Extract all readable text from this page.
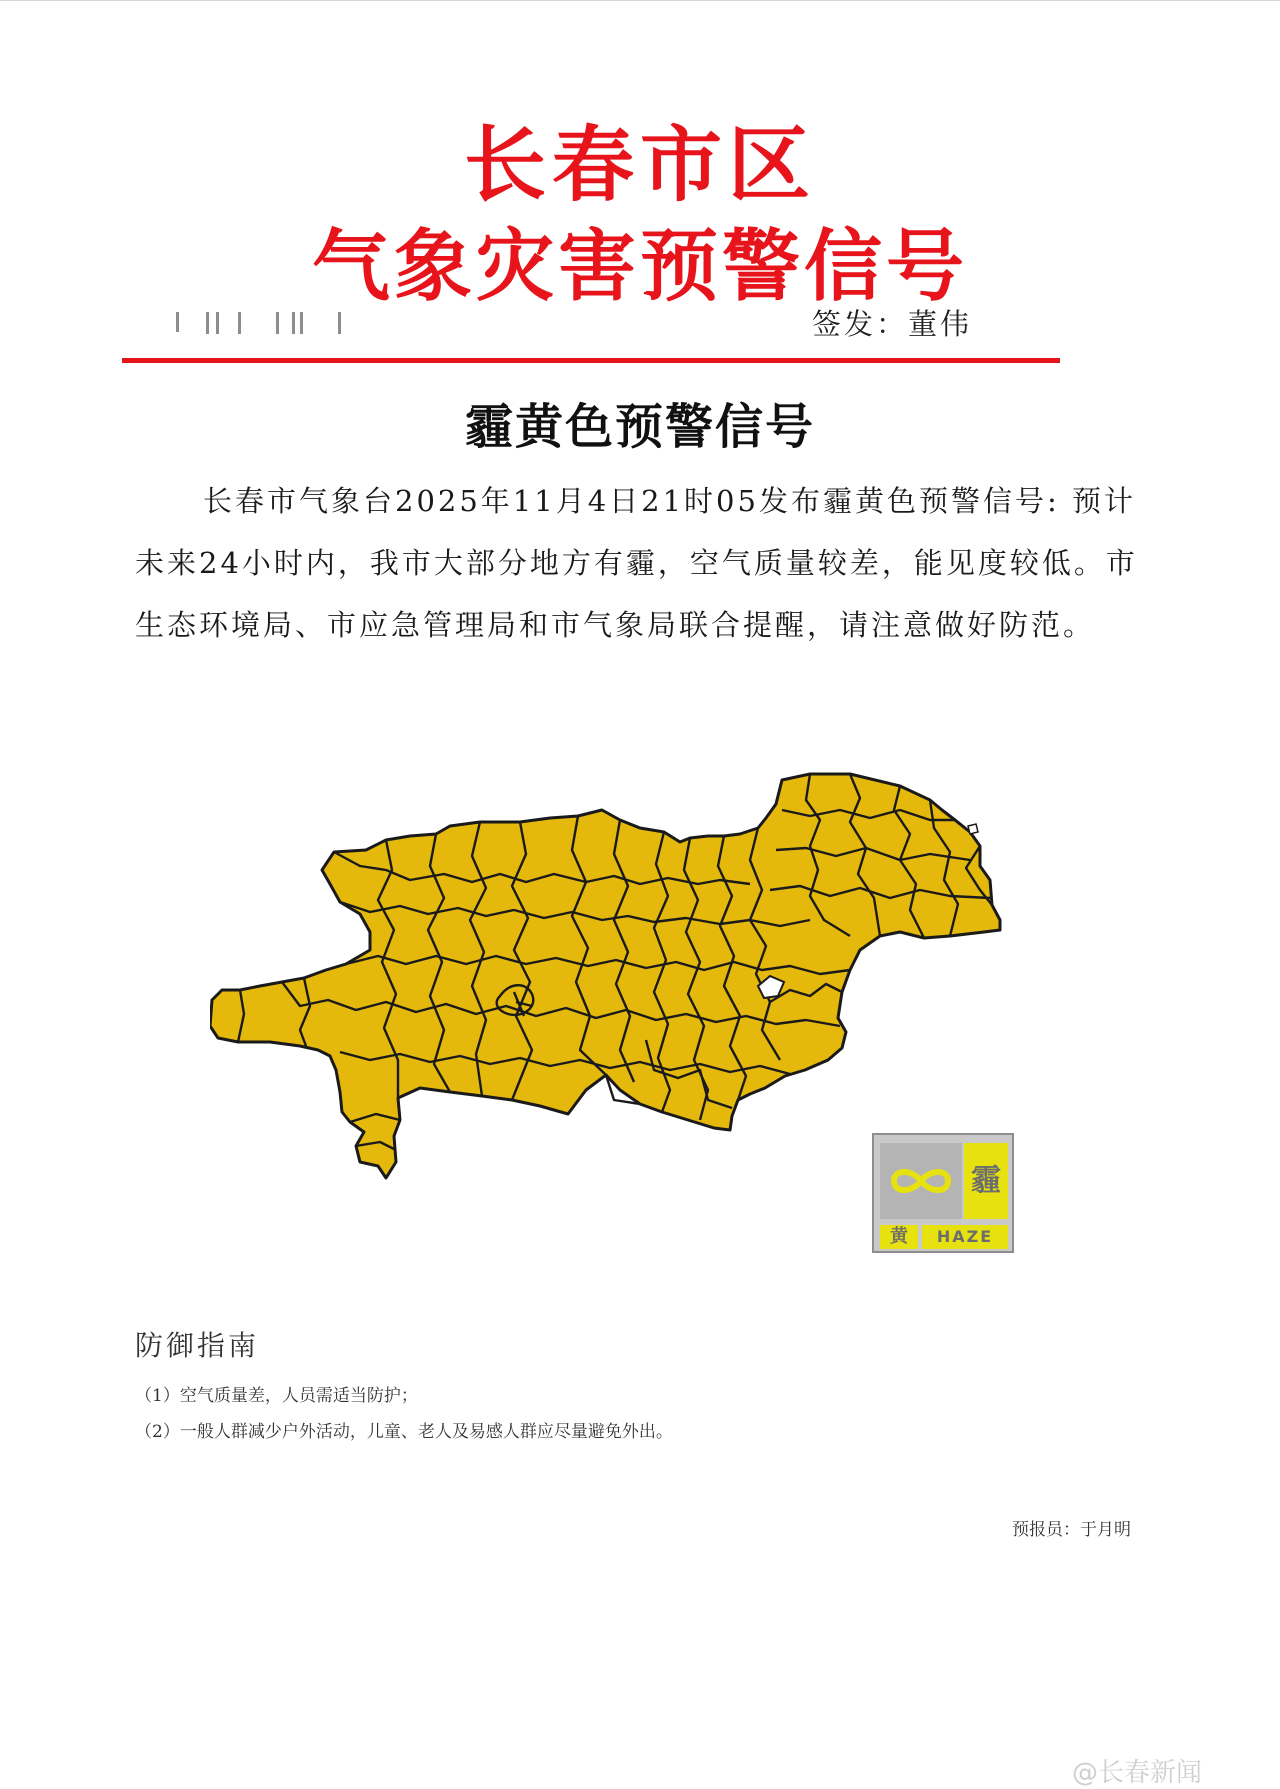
长春市区
气象灾害预警信号
签发：董伟
霾黄色预警信号
长春市气象台2025年11月4日21时05发布霾黄色预警信号: 预计未来24小时内，我市大部分地方有霾，空气质量较差，能见度较低。市生态环境局、市应急管理局和市气象局联合提醒，请注意做好防范。
霾
黄	HAZE
防御指南
（1）空气质量差，人员需适当防护；
（2）一般人群减少户外活动，儿童、老人及易感人群应尽量避免外出。
预报员：于月明
@长春新闻
